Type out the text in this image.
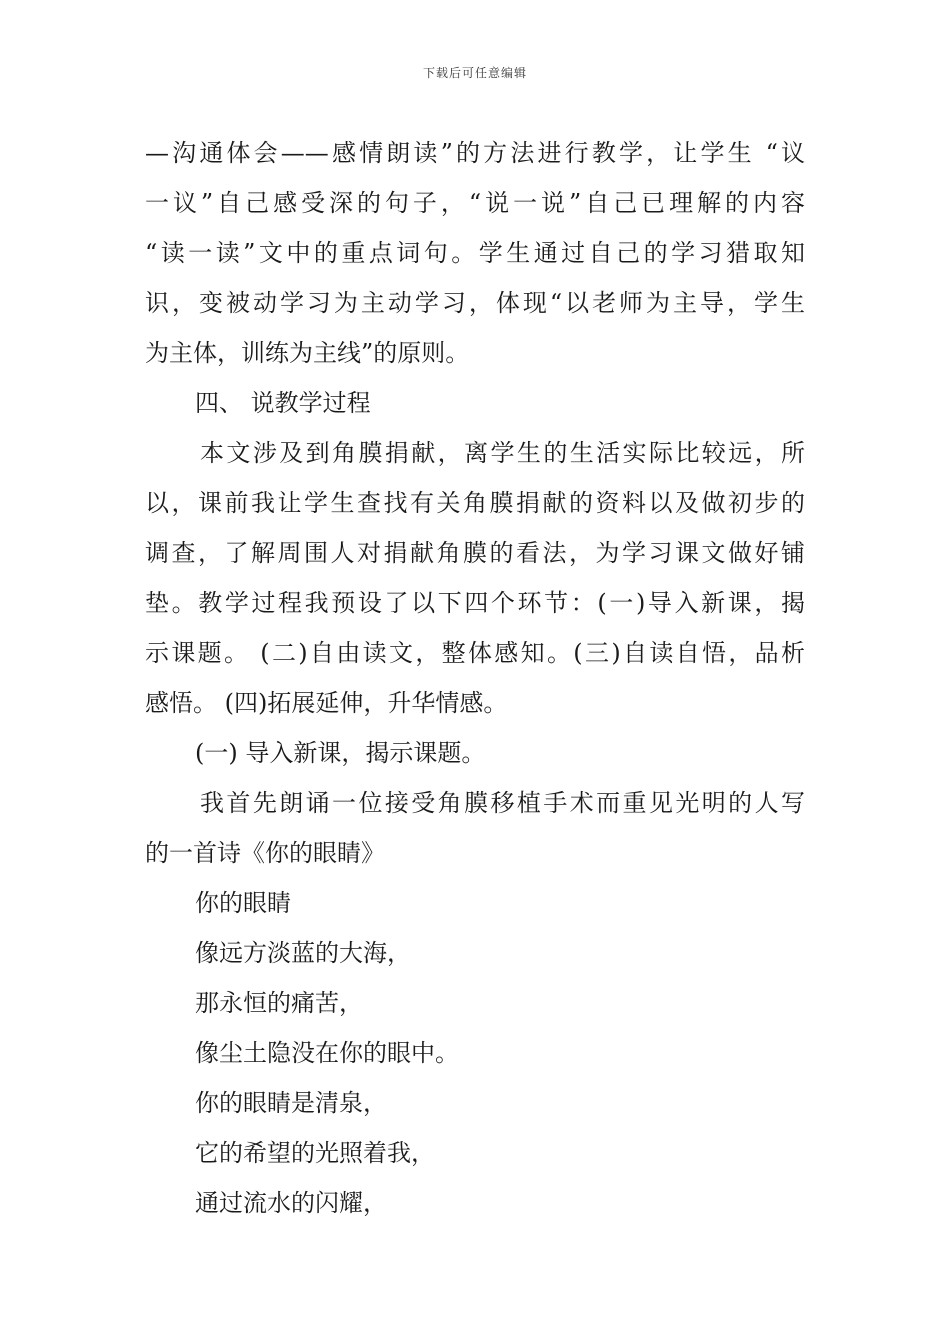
下载后可任意编辑
—沟通体会——感情朗读”的方法进行教学，让学生 “议
一议”自己感受深的句子，“说一说”自己已理解的内容
“读一读”文中的重点词句。学生通过自己的学习猎取知
识，变被动学习为主动学习，体现“以老师为主导，学生
为主体，训练为主线”的原则。
四、 说教学过程
本文涉及到角膜捐献，离学生的生活实际比较远，所
以，课前我让学生查找有关角膜捐献的资料以及做初步的
调查，了解周围人对捐献角膜的看法，为学习课文做好铺
垫。教学过程我预设了以下四个环节：(一)导入新课，揭
示课题。 (二)自由读文，整体感知。(三)自读自悟，品析
感悟。 (四)拓展延伸，升华情感。
(一) 导入新课，揭示课题。
我首先朗诵一位接受角膜移植手术而重见光明的人写
的一首诗《你的眼睛》
你的眼睛
像远方淡蓝的大海，
那永恒的痛苦，
像尘土隐没在你的眼中。
你的眼睛是清泉，
它的希望的光照着我，
通过流水的闪耀，
